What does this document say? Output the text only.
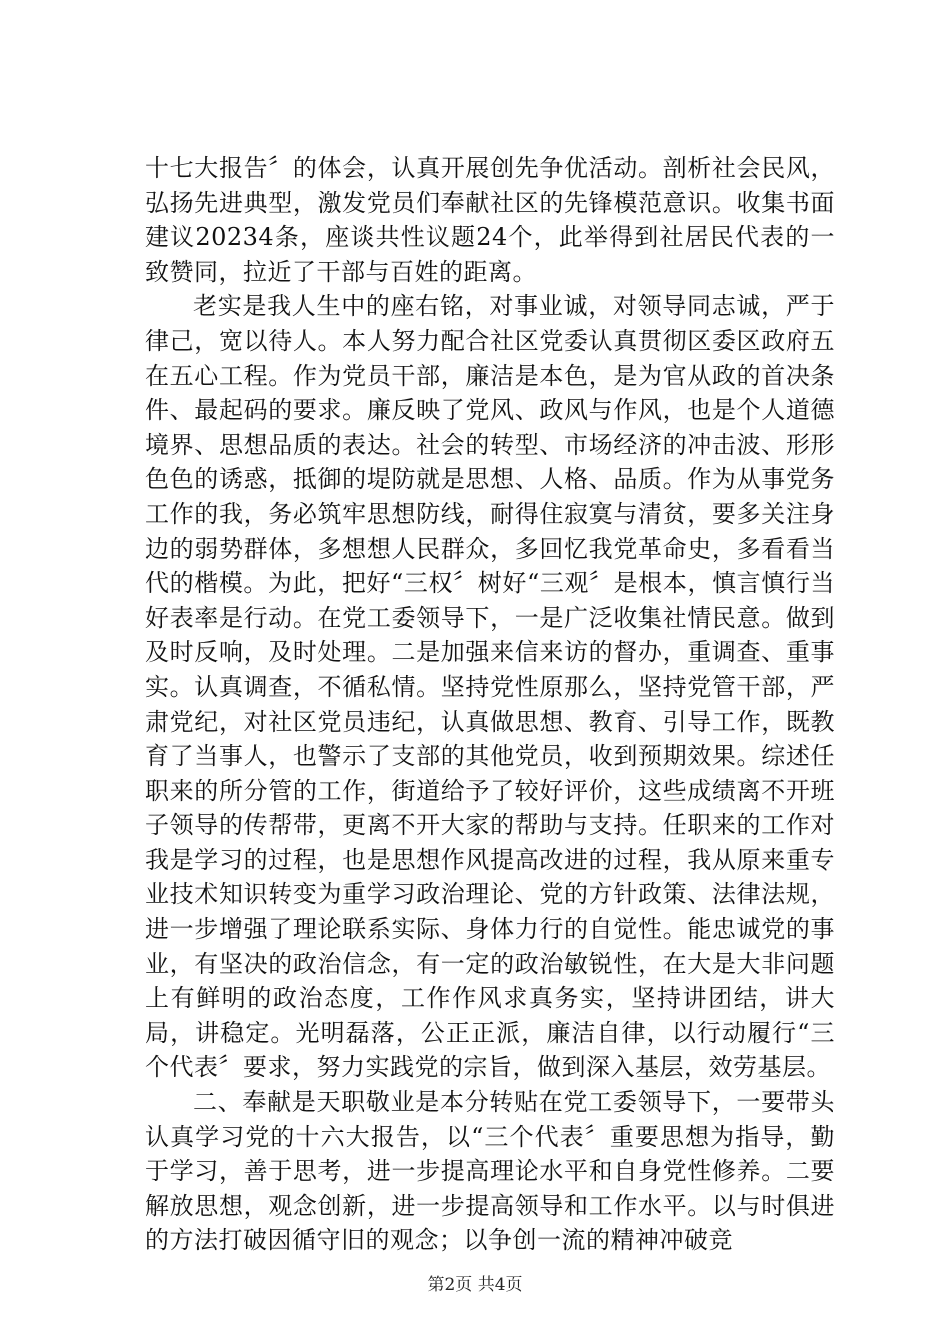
十七大报告〞的体会，认真开展创先争优活动。剖析社会民风，弘扬先进典型，激发党员们奉献社区的先锋模范意识。收集书面建议20234条，座谈共性议题24个，此举得到社居民代表的一致赞同，拉近了干部与百姓的距离。

老实是我人生中的座右铭，对事业诚，对领导同志诚，严于律己，宽以待人。本人努力配合社区党委认真贯彻区委区政府五在五心工程。作为党员干部，廉洁是本色，是为官从政的首决条件、最起码的要求。廉反映了党风、政风与作风，也是个人道德境界、思想品质的表达。社会的转型、市场经济的冲击波、形形色色的诱惑，抵御的堤防就是思想、人格、品质。作为从事党务工作的我，务必筑牢思想防线，耐得住寂寞与清贫，要多关注身边的弱势群体，多想想人民群众，多回忆我党革命史，多看看当代的楷模。为此，把好“三权〞树好“三观〞是根本，慎言慎行当好表率是行动。在党工委领导下，一是广泛收集社情民意。做到及时反响，及时处理。二是加强来信来访的督办，重调查、重事实。认真调查，不循私情。坚持党性原那么，坚持党管干部，严肃党纪，对社区党员违纪，认真做思想、教育、引导工作，既教育了当事人，也警示了支部的其他党员，收到预期效果。综述任职来的所分管的工作，街道给予了较好评价，这些成绩离不开班子领导的传帮带，更离不开大家的帮助与支持。任职来的工作对我是学习的过程，也是思想作风提高改进的过程，我从原来重专业技术知识转变为重学习政治理论、党的方针政策、法律法规，进一步增强了理论联系实际、身体力行的自觉性。能忠诚党的事业，有坚决的政治信念，有一定的政治敏锐性，在大是大非问题上有鲜明的政治态度，工作作风求真务实，坚持讲团结，讲大局，讲稳定。光明磊落，公正正派，廉洁自律，以行动履行“三个代表〞要求，努力实践党的宗旨，做到深入基层，效劳基层。

二、奉献是天职敬业是本分转贴在党工委领导下，一要带头认真学习党的十六大报告，以“三个代表〞重要思想为指导，勤于学习，善于思考，进一步提高理论水平和自身党性修养。二要解放思想，观念创新，进一步提高领导和工作水平。以与时俱进的方法打破因循守旧的观念；以争创一流的精神冲破竞

第2页 共4页
